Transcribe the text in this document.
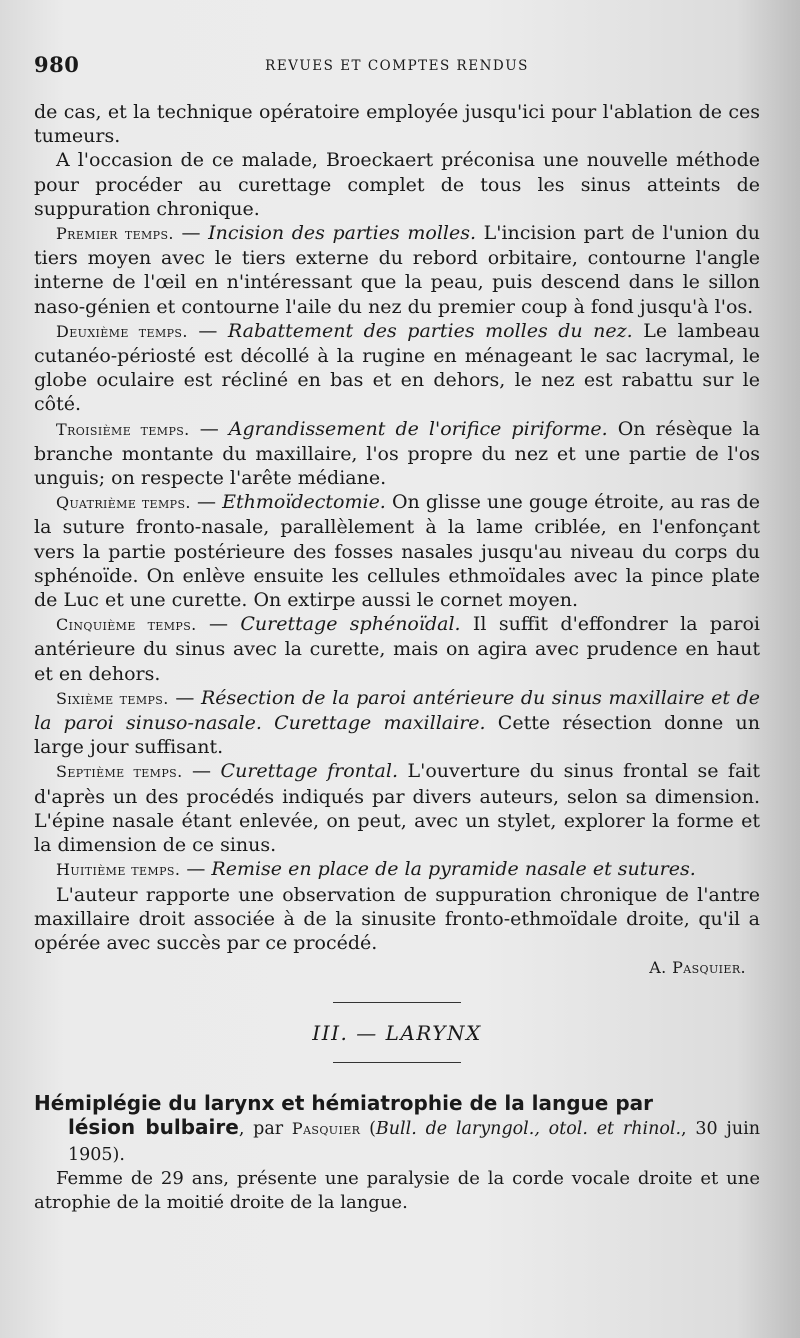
980	REVUES ET COMPTES RENDUS

de cas, et la technique opératoire employée jusqu'ici pour l'ablation de ces tumeurs.

A l'occasion de ce malade, Broeckaert préconisa une nouvelle méthode pour procéder au curettage complet de tous les sinus atteints de suppuration chronique.

Premier temps. — Incision des parties molles. L'incision part de l'union du tiers moyen avec le tiers externe du rebord orbitaire, contourne l'angle interne de l'œil en n'intéressant que la peau, puis descend dans le sillon naso-génien et contourne l'aile du nez du premier coup à fond jusqu'à l'os.

Deuxième temps. — Rabattement des parties molles du nez. Le lambeau cutanéo-périosté est décollé à la rugine en ménageant le sac lacrymal, le globe oculaire est récliné en bas et en dehors, le nez est rabattu sur le côté.

Troisième temps. — Agrandissement de l'orifice piriforme. On résèque la branche montante du maxillaire, l'os propre du nez et une partie de l'os unguis; on respecte l'arête médiane.

Quatrième temps. — Ethmoïdectomie. On glisse une gouge étroite, au ras de la suture fronto-nasale, parallèlement à la lame criblée, en l'enfonçant vers la partie postérieure des fosses nasales jusqu'au niveau du corps du sphénoïde. On enlève ensuite les cellules ethmoïdales avec la pince plate de Luc et une curette. On extirpe aussi le cornet moyen.

Cinquième temps. — Curettage sphénoïdal. Il suffit d'effondrer la paroi antérieure du sinus avec la curette, mais on agira avec prudence en haut et en dehors.

Sixième temps. — Résection de la paroi antérieure du sinus maxillaire et de la paroi sinuso-nasale. Curettage maxillaire. Cette résection donne un large jour suffisant.

Septième temps. — Curettage frontal. L'ouverture du sinus frontal se fait d'après un des procédés indiqués par divers auteurs, selon sa dimension. L'épine nasale étant enlevée, on peut, avec un stylet, explorer la forme et la dimension de ce sinus.

Huitième temps. — Remise en place de la pyramide nasale et sutures.

L'auteur rapporte une observation de suppuration chronique de l'antre maxillaire droit associée à de la sinusite fronto-ethmoïdale droite, qu'il a opérée avec succès par ce procédé.

A. Pasquier.

III. — LARYNX

Hémiplégie du larynx et hémiatrophie de la langue par
lésion bulbaire, par Pasquier (Bull. de laryngol., otol. et rhinol., 30 juin 1905).

Femme de 29 ans, présente une paralysie de la corde vocale droite et une atrophie de la moitié droite de la langue.
